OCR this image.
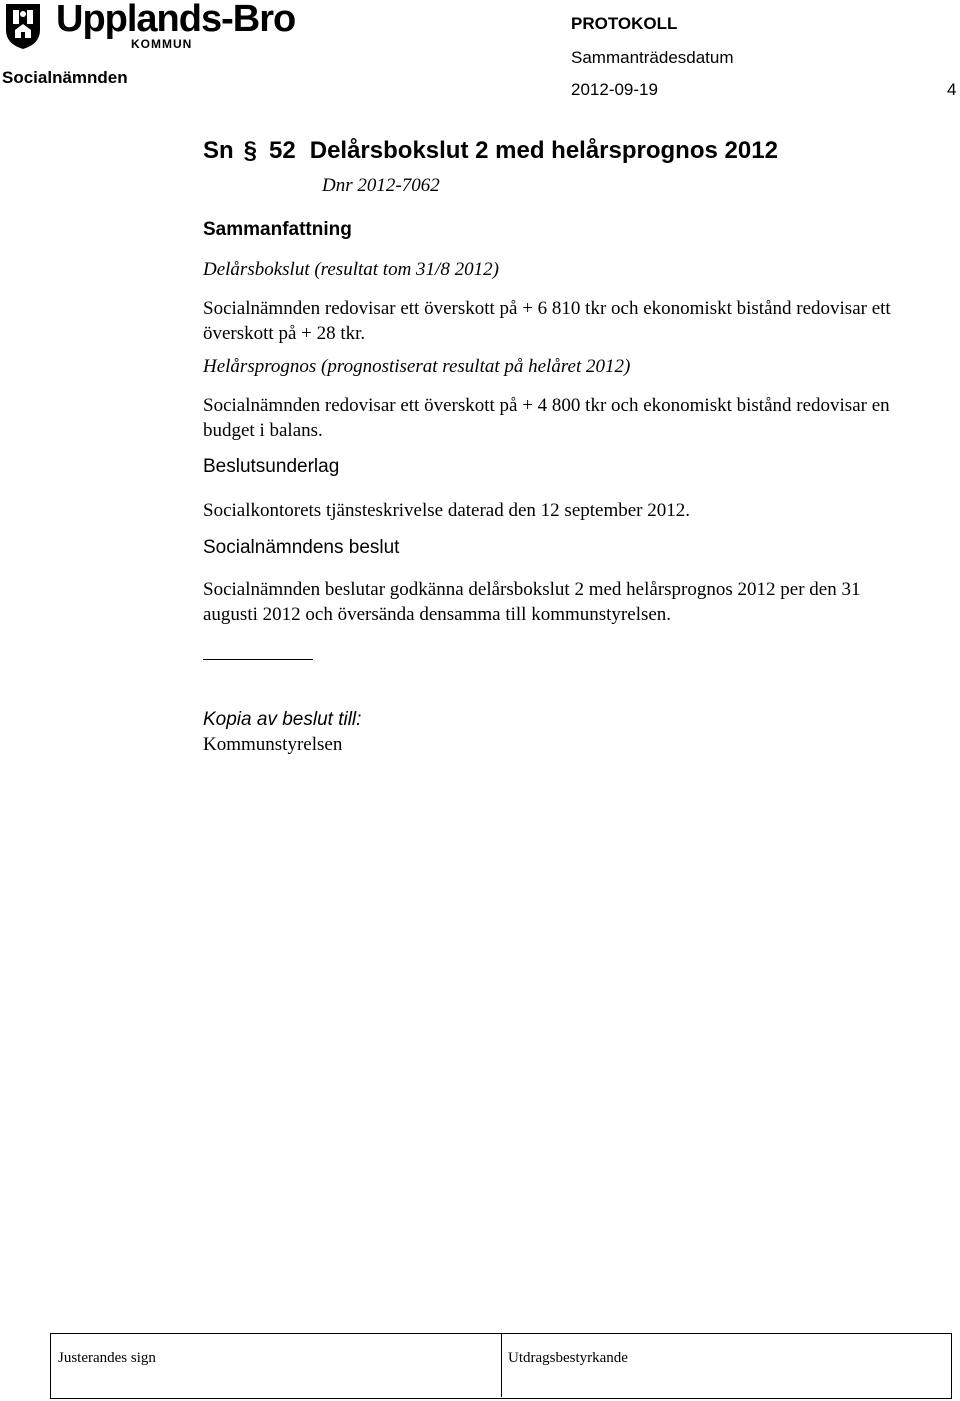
Upplands-Bro
KOMMUN
Socialnämnden
PROTOKOLL
Sammanträdesdatum
2012-09-19	4
Sn § 52 Delårsbokslut 2 med helårsprognos 2012
Dnr 2012-7062
Sammanfattning
Delårsbokslut (resultat tom 31/8 2012)
Socialnämnden redovisar ett överskott på + 6 810 tkr och ekonomiskt bistånd redovisar ett överskott på + 28 tkr.
Helårsprognos (prognostiserat resultat på helåret 2012)
Socialnämnden redovisar ett överskott på + 4 800 tkr och ekonomiskt bistånd redovisar en budget i balans.
Beslutsunderlag
Socialkontorets tjänsteskrivelse daterad den 12 september 2012.
Socialnämndens beslut
Socialnämnden beslutar godkänna delårsbokslut 2 med helårsprognos 2012 per den 31 augusti 2012 och översända densamma till kommunstyrelsen.
Kopia av beslut till:
Kommunstyrelsen
Justerandes sign	Utdragsbestyrkande
